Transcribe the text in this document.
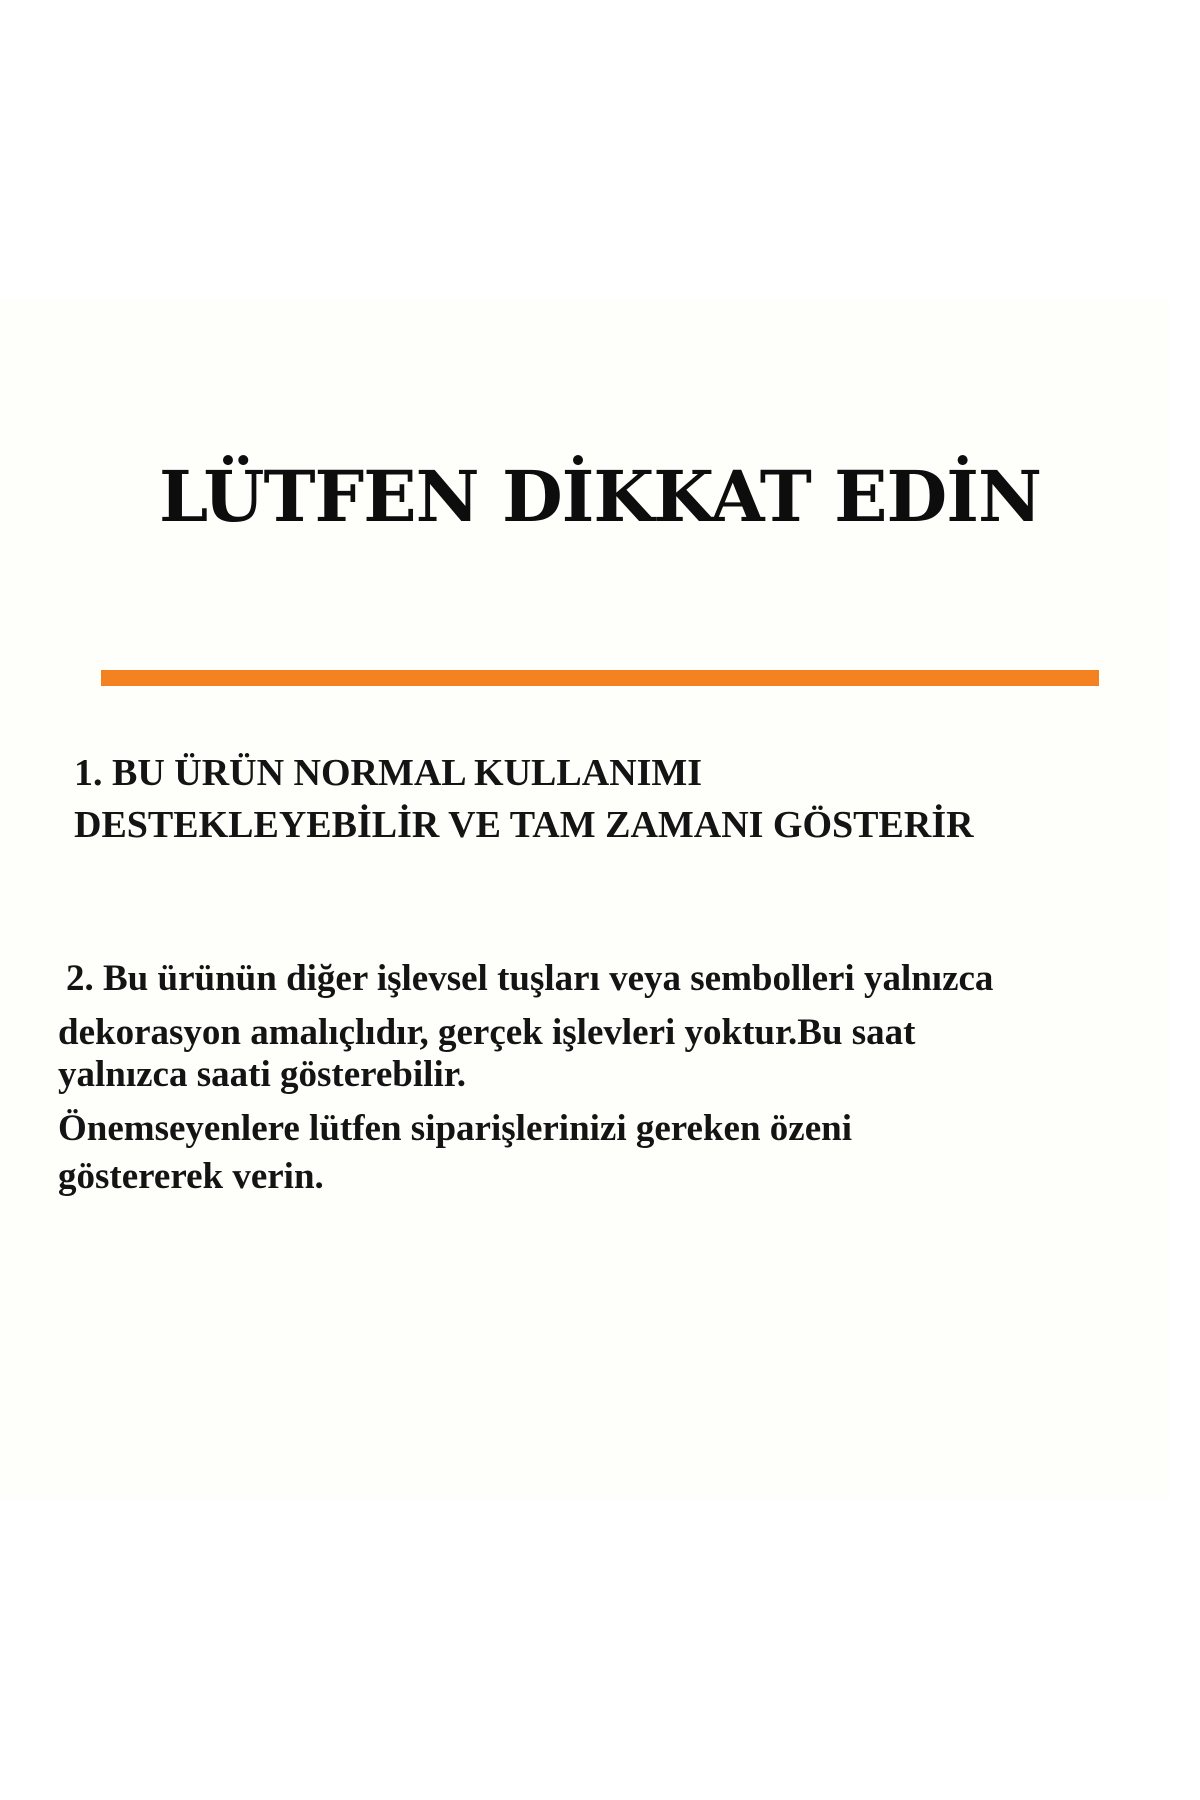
LÜTFEN DİKKAT EDİN
1. BU ÜRÜN NORMAL KULLANIMI
DESTEKLEYEBİLİR VE TAM ZAMANI GÖSTERİR
2. Bu ürünün diğer işlevsel tuşları veya sembolleri yalnızca
dekorasyon amalıçlıdır, gerçek işlevleri yoktur.Bu saat
yalnızca saati gösterebilir.
Önemseyenlere lütfen siparişlerinizi gereken özeni
göstererek verin.
